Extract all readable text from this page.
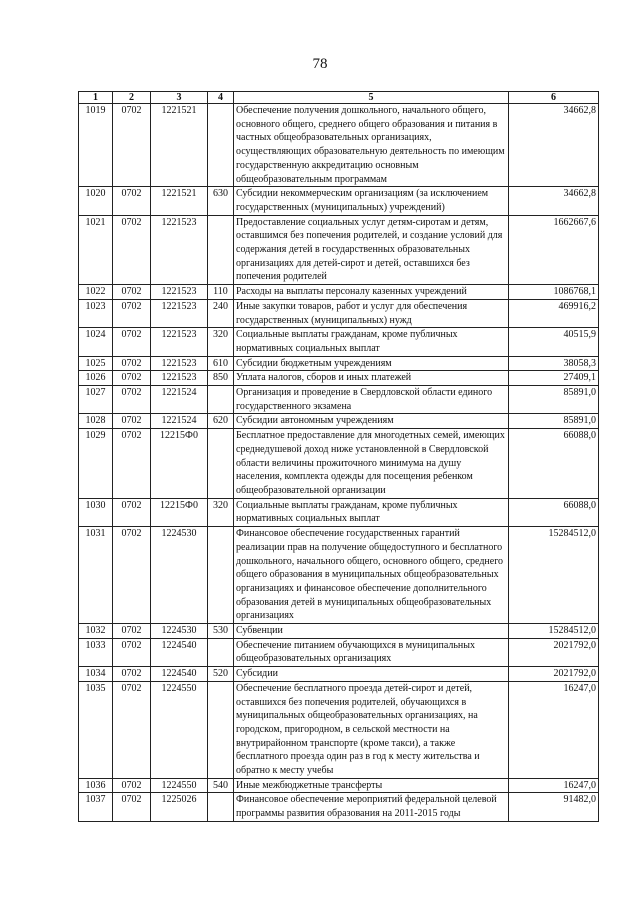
78
1	2	3	4	5	6
1019	0702	1221521		Обеспечение получения дошкольного, начального общего, основного общего, среднего общего образования и питания в частных общеобразовательных организациях, осуществляющих образовательную деятельность по имеющим государственную аккредитацию основным общеобразовательным программам	34662,8
1020	0702	1221521	630	Субсидии некоммерческим организациям (за исключением государственных (муниципальных) учреждений)	34662,8
1021	0702	1221523		Предоставление социальных услуг детям-сиротам и детям, оставшимся без попечения родителей, и создание условий для содержания детей в государственных образовательных организациях для детей-сирот и детей, оставшихся без попечения родителей	1662667,6
1022	0702	1221523	110	Расходы на выплаты персоналу казенных учреждений	1086768,1
1023	0702	1221523	240	Иные закупки товаров, работ и услуг для обеспечения государственных (муниципальных) нужд	469916,2
1024	0702	1221523	320	Социальные выплаты гражданам, кроме публичных нормативных социальных выплат	40515,9
1025	0702	1221523	610	Субсидии бюджетным учреждениям	38058,3
1026	0702	1221523	850	Уплата налогов, сборов и иных платежей	27409,1
1027	0702	1221524		Организация и проведение в Свердловской области единого государственного экзамена	85891,0
1028	0702	1221524	620	Субсидии автономным учреждениям	85891,0
1029	0702	12215Ф0		Бесплатное предоставление для многодетных семей, имеющих среднедушевой доход ниже установленной в Свердловской области величины прожиточного минимума на душу населения, комплекта одежды для посещения ребенком общеобразовательной организации	66088,0
1030	0702	12215Ф0	320	Социальные выплаты гражданам, кроме публичных нормативных социальных выплат	66088,0
1031	0702	1224530		Финансовое обеспечение государственных гарантий реализации прав на получение общедоступного и бесплатного дошкольного, начального общего, основного общего, среднего общего образования в муниципальных общеобразовательных организациях и финансовое обеспечение дополнительного образования детей в муниципальных общеобразовательных организациях	15284512,0
1032	0702	1224530	530	Субвенции	15284512,0
1033	0702	1224540		Обеспечение питанием обучающихся в муниципальных общеобразовательных организациях	2021792,0
1034	0702	1224540	520	Субсидии	2021792,0
1035	0702	1224550		Обеспечение бесплатного проезда детей-сирот и детей, оставшихся без попечения родителей, обучающихся в муниципальных общеобразовательных организациях, на городском, пригородном, в сельской местности на внутрирайонном транспорте (кроме такси), а также бесплатного проезда один раз в год к месту жительства и обратно к месту учебы	16247,0
1036	0702	1224550	540	Иные межбюджетные трансферты	16247,0
1037	0702	1225026		Финансовое обеспечение мероприятий федеральной целевой программы развития образования на 2011-2015 годы	91482,0
